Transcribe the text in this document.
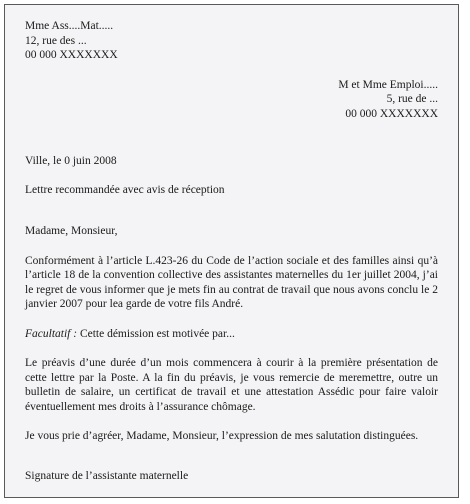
Mme Ass....Mat.....
12, rue des ...
00 000 XXXXXXX
M et Mme Emploi.....
5, rue de ...
00 000 XXXXXXX
Ville, le 0 juin 2008
Lettre recommandée avec avis de réception
Madame, Monsieur,
Conformément à l’article L.423-26 du Code de l’action sociale et des familles ainsi qu’à l’article 18 de la convention collective des assistantes maternelles du 1er juillet 2004, j’ai le regret de vous informer que je mets fin au contrat de travail que nous avons conclu le 2 janvier 2007 pour lea garde de votre fils André.
Facultatif : Cette démission est motivée par...
Le préavis d’une durée d’un mois commencera à courir à la première présentation de cette lettre par la Poste. A la fin du préavis, je vous remercie de meremettre, outre un bulletin de salaire, un certificat de travail et une attestation Assédic pour faire valoir éventuellement mes droits à l’assurance chômage.
Je vous prie d’agréer, Madame, Monsieur, l’expression de mes salutation distinguées.
Signature de l’assistante maternelle
